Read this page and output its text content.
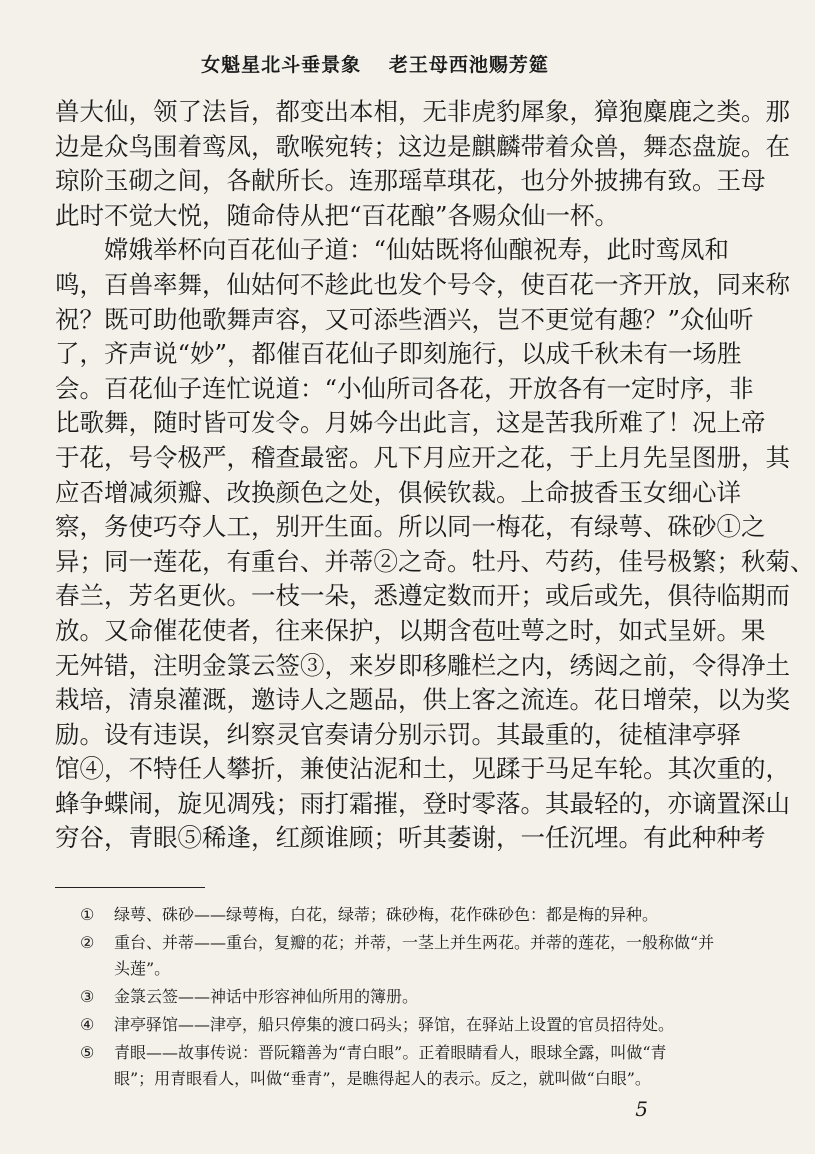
女魁星北斗垂景象 老王母西池赐芳筵
兽大仙，领了法旨，都变出本相，无非虎豹犀象，獐狍麋鹿之类。那
边是众鸟围着鸾凤，歌喉宛转；这边是麒麟带着众兽，舞态盘旋。在
琼阶玉砌之间，各献所长。连那瑶草琪花，也分外披拂有致。王母
此时不觉大悦，随命侍从把“百花酿”各赐众仙一杯。
　　嫦娥举杯向百花仙子道：“仙姑既将仙酿祝寿，此时鸾凤和
鸣，百兽率舞，仙姑何不趁此也发个号令，使百花一齐开放，同来称
祝？既可助他歌舞声容，又可添些酒兴，岂不更觉有趣？”众仙听
了，齐声说“妙”，都催百花仙子即刻施行，以成千秋未有一场胜
会。百花仙子连忙说道：“小仙所司各花，开放各有一定时序，非
比歌舞，随时皆可发令。月姊今出此言，这是苦我所难了！况上帝
于花，号令极严，稽查最密。凡下月应开之花，于上月先呈图册，其
应否增减须瓣、改换颜色之处，俱候钦裁。上命披香玉女细心详
察，务使巧夺人工，别开生面。所以同一梅花，有绿萼、硃砂①之
异；同一莲花，有重台、并蒂②之奇。牡丹、芍药，佳号极繁；秋菊、
春兰，芳名更伙。一枝一朵，悉遵定数而开；或后或先，俱待临期而
放。又命催花使者，往来保护，以期含苞吐萼之时，如式呈妍。果
无舛错，注明金箓云签③，来岁即移雕栏之内，绣闼之前，令得净土
栽培，清泉灌溉，邀诗人之题品，供上客之流连。花日增荣，以为奖
励。设有违误，纠察灵官奏请分别示罚。其最重的，徒植津亭驿
馆④，不特任人攀折，兼使沾泥和土，见蹂于马足车轮。其次重的，
蜂争蝶闹，旋见凋残；雨打霜摧，登时零落。其最轻的，亦谪置深山
穷谷，青眼⑤稀逢，红颜谁顾；听其萎谢，一任沉埋。有此种种考
①	绿萼、硃砂——绿萼梅，白花，绿蒂；硃砂梅，花作硃砂色：都是梅的异种。
②	重台、并蒂——重台，复瓣的花；并蒂，一茎上并生两花。并蒂的莲花，一般称做“并
头莲”。
③	金箓云签——神话中形容神仙所用的簿册。
④	津亭驿馆——津亭，船只停集的渡口码头；驿馆，在驿站上设置的官员招待处。
⑤	青眼——故事传说：晋阮籍善为“青白眼”。正着眼睛看人，眼球全露，叫做“青
眼”；用青眼看人，叫做“垂青”，是瞧得起人的表示。反之，就叫做“白眼”。
5
